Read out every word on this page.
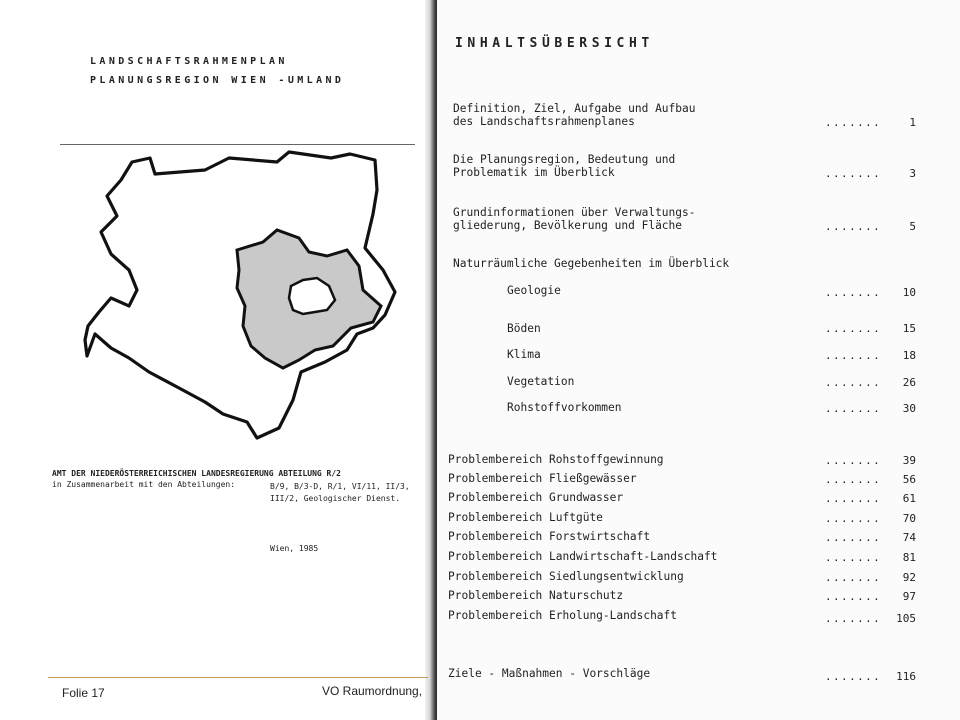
LANDSCHAFTSRAHMENPLAN
PLANUNGSREGION WIEN -UMLAND
AMT DER NIEDERÖSTERREICHISCHEN LANDESREGIERUNG ABTEILUNG R/2
in Zusammenarbeit mit den Abteilungen:	B/9, B/3-D, R/1, VI/11, II/3, III/2, Geologischer Dienst.
Wien, 1985
INHALTSÜBERSICHT
Definition, Ziel, Aufgabe und Aufbau
des Landschaftsrahmenplanes	.......	1
Die Planungsregion, Bedeutung und
Problematik im Überblick	.......	3
Grundinformationen über Verwaltungs-
gliederung, Bevölkerung und Fläche	.......	5
Naturräumliche Gegebenheiten im Überblick
Geologie	....... 10
Böden	....... 15
Klima	....... 18
Vegetation	....... 26
Rohstoffvorkommen	....... 30
Problembereich Rohstoffgewinnung	....... 39
Problembereich Fließgewässer	....... 56
Problembereich Grundwasser	....... 61
Problembereich Luftgüte	....... 70
Problembereich Forstwirtschaft	....... 74
Problembereich Landwirtschaft-Landschaft	....... 81
Problembereich Siedlungsentwicklung	....... 92
Problembereich Naturschutz	....... 97
Problembereich Erholung-Landschaft	....... 105
Ziele - Maßnahmen - Vorschläge	....... 116
Folie 17	VO Raumordnung,
